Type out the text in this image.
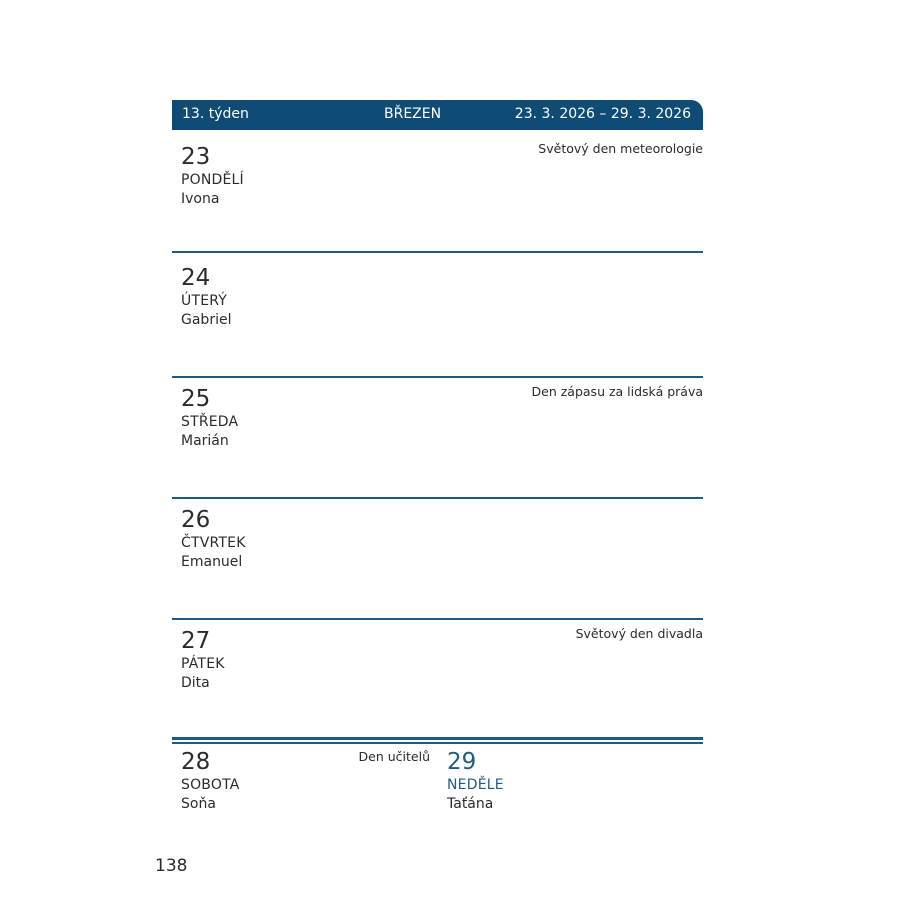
13. týden	BŘEZEN	23. 3. 2026 – 29. 3. 2026
23
PONDĚLÍ
Ivona
Světový den meteorologie
24
ÚTERÝ
Gabriel
25
STŘEDA
Marián
Den zápasu za lidská práva
26
ČTVRTEK
Emanuel
27
PÁTEK
Dita
Světový den divadla
28
SOBOTA
Soňa
Den učitelů 29
NEDĚLE
Taťána
138
